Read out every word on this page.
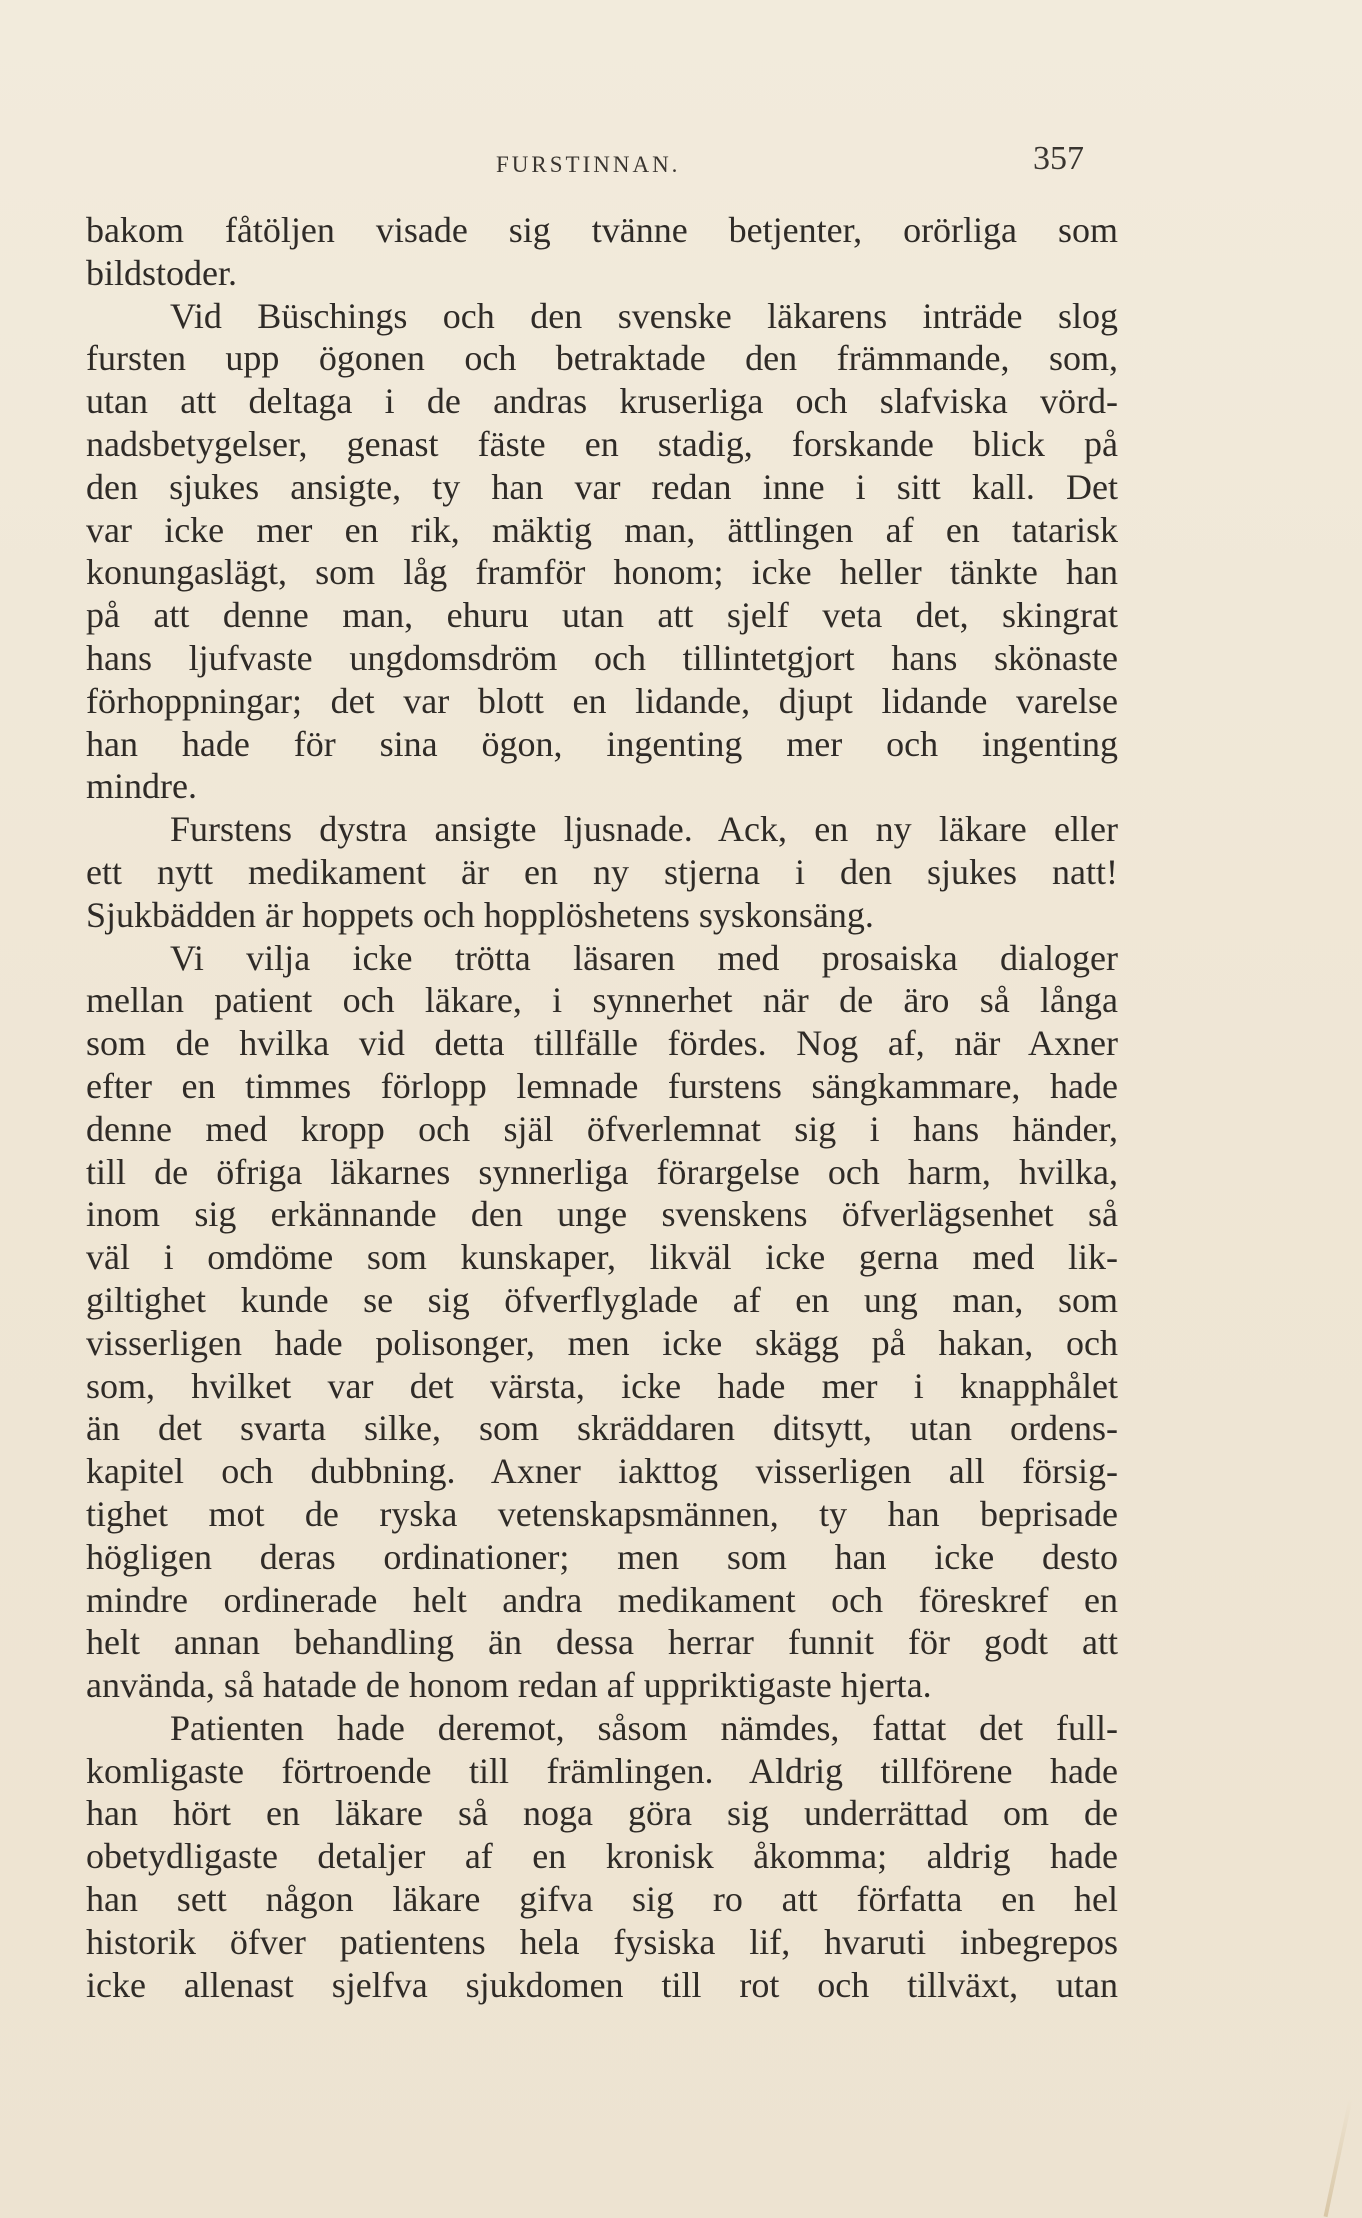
FURSTINNAN.	357
bakom fåtöljen visade sig tvänne betjenter, orörliga som
bildstoder.
Vid Büschings och den svenske läkarens inträde slog
fursten upp ögonen och betraktade den främmande, som,
utan att deltaga i de andras kruserliga och slafviska vörd-
nadsbetygelser, genast fäste en stadig, forskande blick på
den sjukes ansigte, ty han var redan inne i sitt kall. Det
var icke mer en rik, mäktig man, ättlingen af en tatarisk
konungaslägt, som låg framför honom; icke heller tänkte han
på att denne man, ehuru utan att sjelf veta det, skingrat
hans ljufvaste ungdomsdröm och tillintetgjort hans skönaste
förhoppningar; det var blott en lidande, djupt lidande varelse
han hade för sina ögon, ingenting mer och ingenting
mindre.
Furstens dystra ansigte ljusnade. Ack, en ny läkare eller
ett nytt medikament är en ny stjerna i den sjukes natt!
Sjukbädden är hoppets och hopplöshetens syskonsäng.
Vi vilja icke trötta läsaren med prosaiska dialoger
mellan patient och läkare, i synnerhet när de äro så långa
som de hvilka vid detta tillfälle fördes. Nog af, när Axner
efter en timmes förlopp lemnade furstens sängkammare, hade
denne med kropp och själ öfverlemnat sig i hans händer,
till de öfriga läkarnes synnerliga förargelse och harm, hvilka,
inom sig erkännande den unge svenskens öfverlägsenhet så
väl i omdöme som kunskaper, likväl icke gerna med lik-
giltighet kunde se sig öfverflyglade af en ung man, som
visserligen hade polisonger, men icke skägg på hakan, och
som, hvilket var det värsta, icke hade mer i knapphålet
än det svarta silke, som skräddaren ditsytt, utan ordens-
kapitel och dubbning. Axner iakttog visserligen all försig-
tighet mot de ryska vetenskapsmännen, ty han beprisade
högligen deras ordinationer; men som han icke desto
mindre ordinerade helt andra medikament och föreskref en
helt annan behandling än dessa herrar funnit för godt att
använda, så hatade de honom redan af uppriktigaste hjerta.
Patienten hade deremot, såsom nämdes, fattat det full-
komligaste förtroende till främlingen. Aldrig tillförene hade
han hört en läkare så noga göra sig underrättad om de
obetydligaste detaljer af en kronisk åkomma; aldrig hade
han sett någon läkare gifva sig ro att författa en hel
historik öfver patientens hela fysiska lif, hvaruti inbegrepos
icke allenast sjelfva sjukdomen till rot och tillväxt, utan
